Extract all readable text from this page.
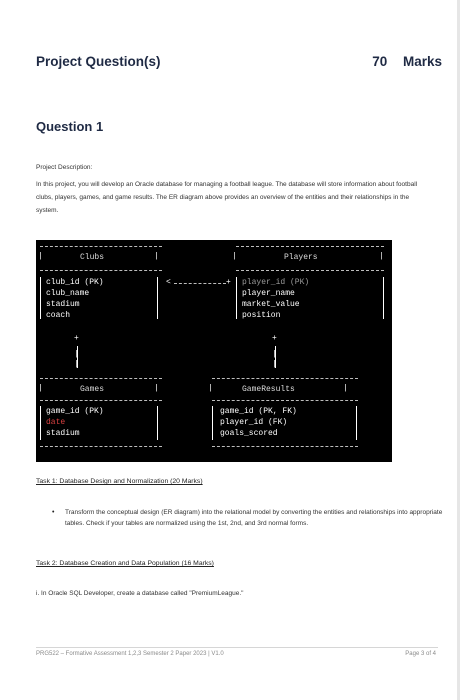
Project Question(s)	70 Marks
Question 1
Project Description:
In this project, you will develop an Oracle database for managing a football league. The database will store information about football clubs, players, games, and game results. The ER diagram above provides an overview of the entities and their relationships in the system.
|	Clubs	|	|	Players	|
club_id (PK)
club_name
stadium
coach
<	+ player_id (PK)
player_name
market_value
position
+
|
|
+
|
|
|	Games	|	|	GameResults	|
game_id (PK)
date
stadium
game_id (PK, FK)
player_id (FK)
goals_scored
Task 1: Database Design and Normalization (20 Marks)
• Transform the conceptual design (ER diagram) into the relational model by converting the entities and relationships into appropriate tables. Check if your tables are normalized using the 1st, 2nd, and 3rd normal forms.
Task 2: Database Creation and Data Population (16 Marks)
i. In Oracle SQL Developer, create a database called "PremiumLeague."
PRG522 – Formative Assessment 1,2,3 Semester 2 Paper 2023 | V1.0	Page 3 of 4
